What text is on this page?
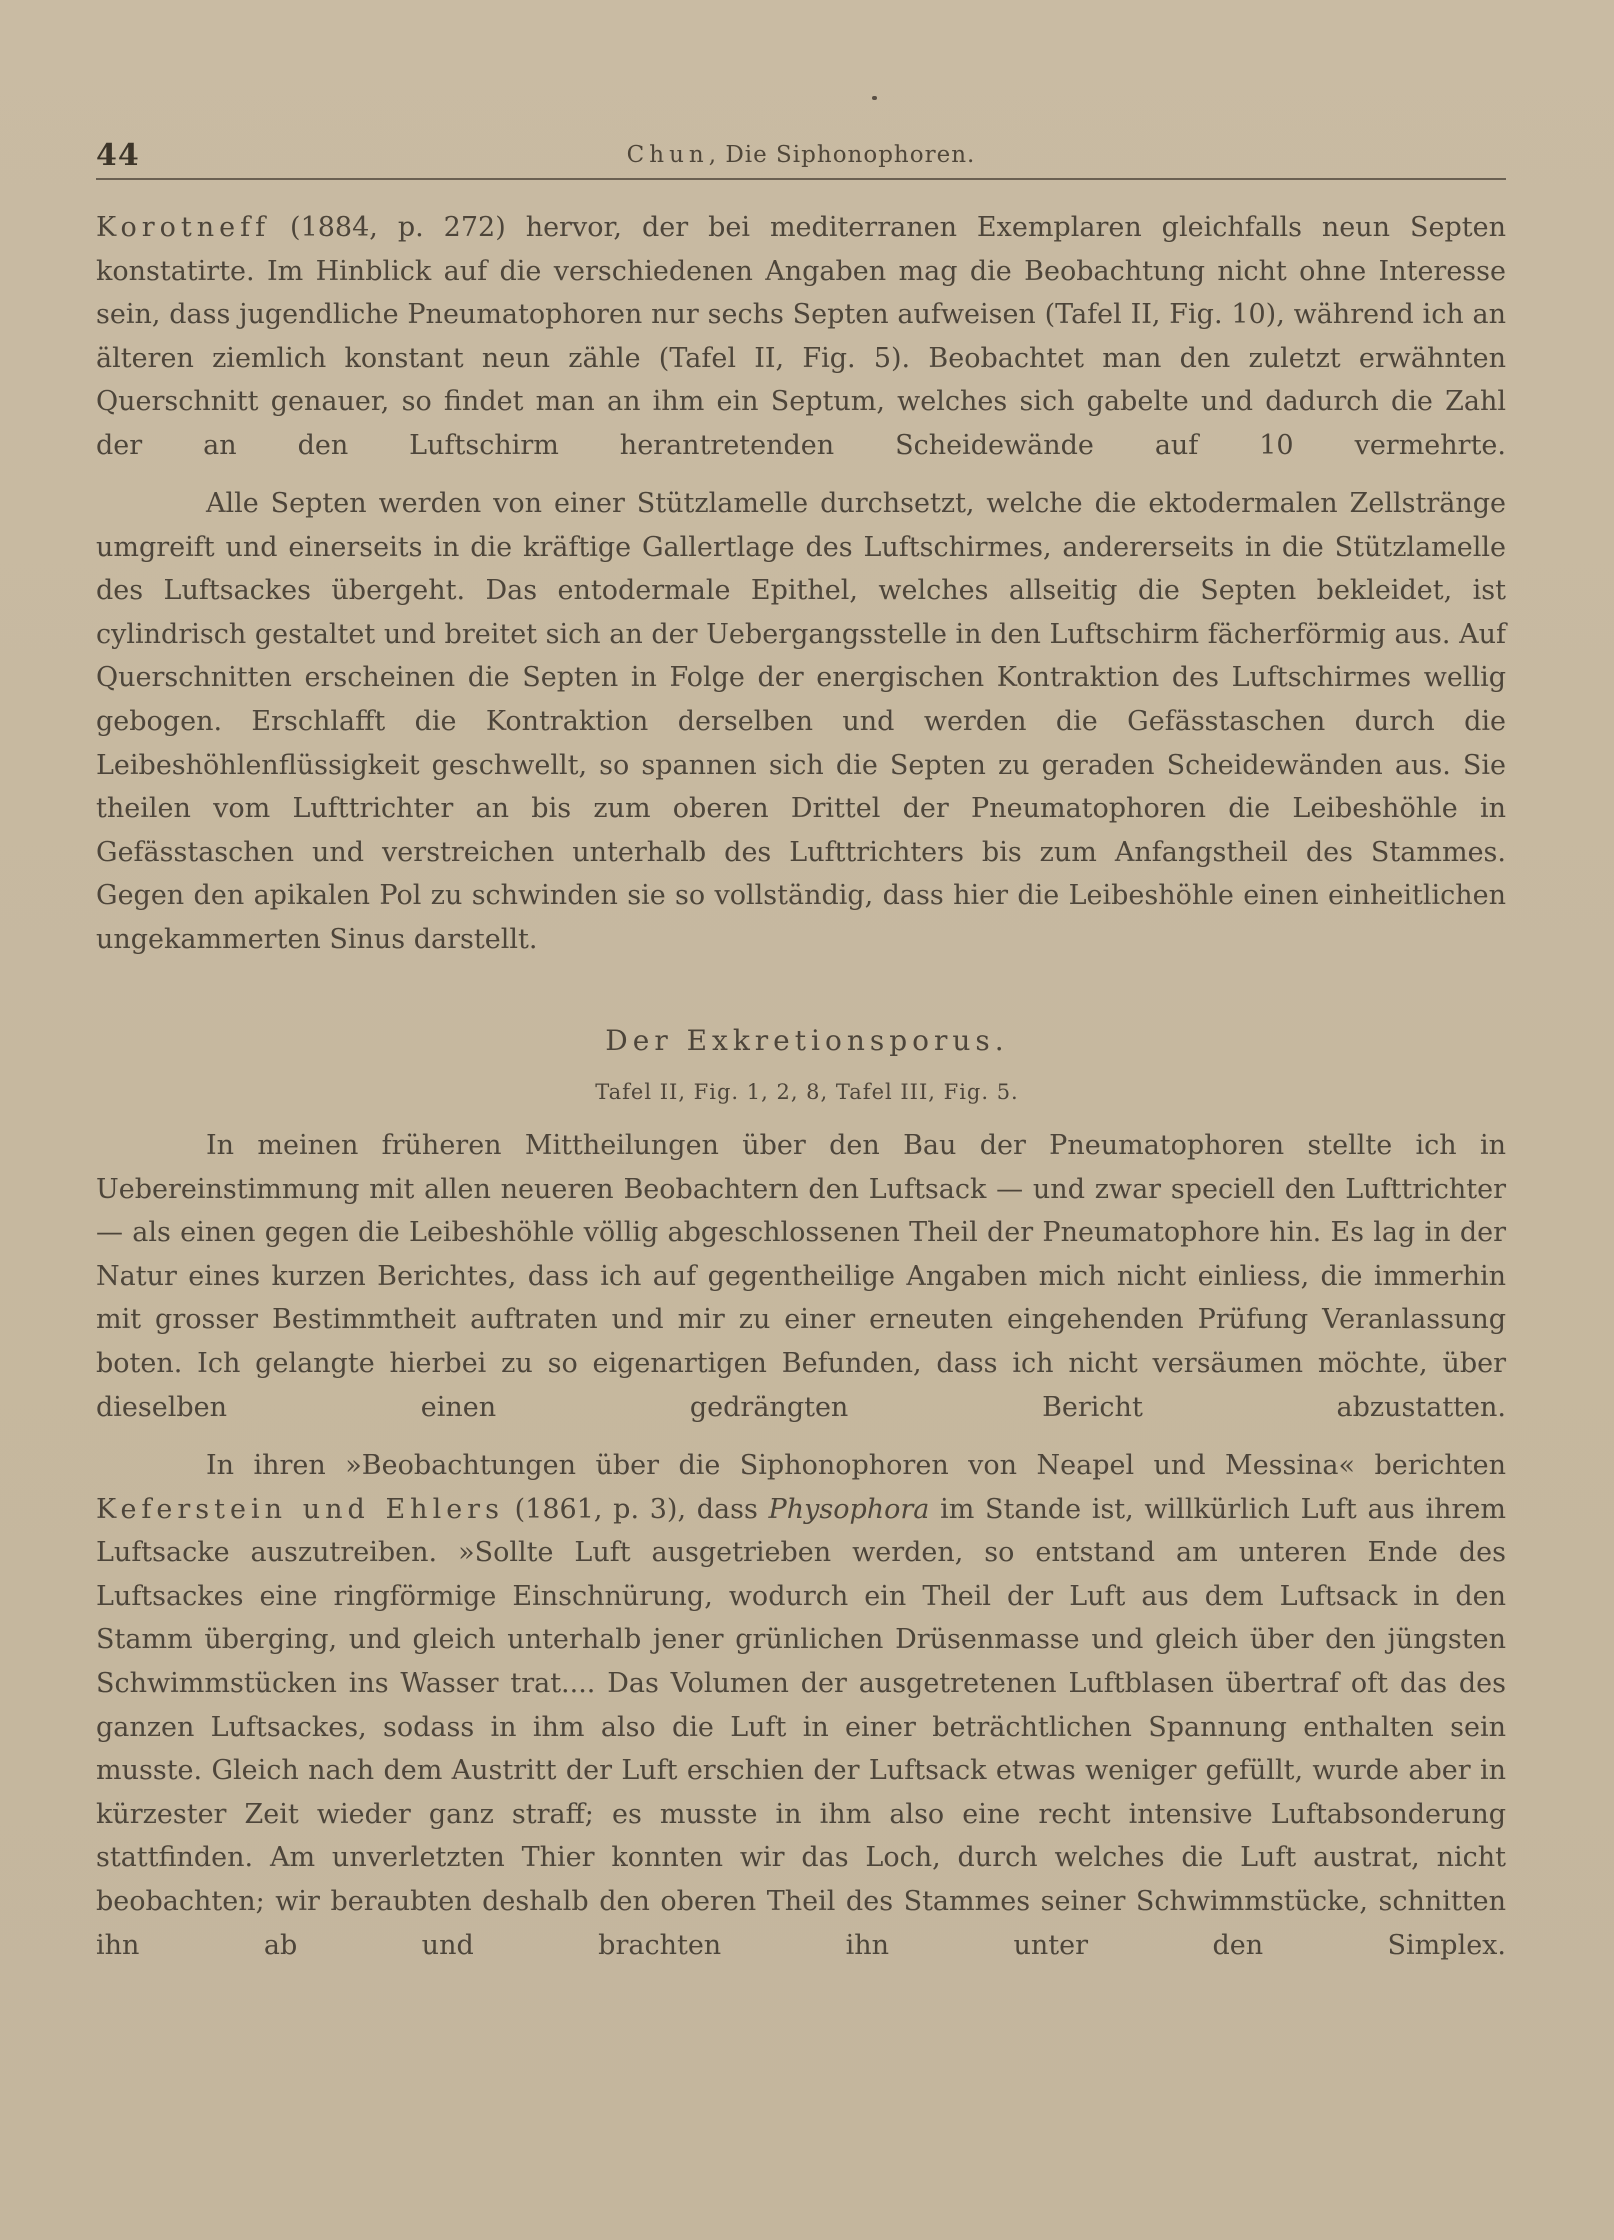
44	Chun, Die Siphonophoren.

Korotneff (1884, p. 272) hervor, der bei mediterranen Exemplaren gleichfalls neun Septen konstatirte. Im Hinblick auf die verschiedenen Angaben mag die Beobachtung nicht ohne Interesse sein, dass jugendliche Pneumatophoren nur sechs Septen aufweisen (Tafel II, Fig. 10), während ich an älteren ziemlich konstant neun zähle (Tafel II, Fig. 5). Beobachtet man den zuletzt erwähnten Querschnitt genauer, so findet man an ihm ein Septum, welches sich gabelte und dadurch die Zahl der an den Luftschirm herantretenden Scheidewände auf 10 vermehrte.

Alle Septen werden von einer Stützlamelle durchsetzt, welche die ektodermalen Zellstränge umgreift und einerseits in die kräftige Gallertlage des Luftschirmes, andererseits in die Stützlamelle des Luftsackes übergeht. Das entodermale Epithel, welches allseitig die Septen bekleidet, ist cylindrisch gestaltet und breitet sich an der Uebergangsstelle in den Luftschirm fächerförmig aus. Auf Querschnitten erscheinen die Septen in Folge der energischen Kontraktion des Luftschirmes wellig gebogen. Erschlafft die Kontraktion derselben und werden die Gefässtaschen durch die Leibeshöhlenflüssigkeit geschwellt, so spannen sich die Septen zu geraden Scheidewänden aus. Sie theilen vom Lufttrichter an bis zum oberen Drittel der Pneumatophoren die Leibeshöhle in Gefässtaschen und verstreichen unterhalb des Lufttrichters bis zum Anfangstheil des Stammes. Gegen den apikalen Pol zu schwinden sie so vollständig, dass hier die Leibeshöhle einen einheitlichen ungekammerten Sinus darstellt.

Der Exkretionsporus.
Tafel II, Fig. 1, 2, 8, Tafel III, Fig. 5.

In meinen früheren Mittheilungen über den Bau der Pneumatophoren stellte ich in Uebereinstimmung mit allen neueren Beobachtern den Luftsack — und zwar speciell den Lufttrichter — als einen gegen die Leibeshöhle völlig abgeschlossenen Theil der Pneumatophore hin. Es lag in der Natur eines kurzen Berichtes, dass ich auf gegentheilige Angaben mich nicht einliess, die immerhin mit grosser Bestimmtheit auftraten und mir zu einer erneuten eingehenden Prüfung Veranlassung boten. Ich gelangte hierbei zu so eigenartigen Befunden, dass ich nicht versäumen möchte, über dieselben einen gedrängten Bericht abzustatten.

In ihren »Beobachtungen über die Siphonophoren von Neapel und Messina« berichten Keferstein und Ehlers (1861, p. 3), dass Physophora im Stande ist, willkürlich Luft aus ihrem Luftsacke auszutreiben. »Sollte Luft ausgetrieben werden, so entstand am unteren Ende des Luftsackes eine ringförmige Einschnürung, wodurch ein Theil der Luft aus dem Luftsack in den Stamm überging, und gleich unterhalb jener grünlichen Drüsenmasse und gleich über den jüngsten Schwimmstücken ins Wasser trat.... Das Volumen der ausgetretenen Luftblasen übertraf oft das des ganzen Luftsackes, sodass in ihm also die Luft in einer beträchtlichen Spannung enthalten sein musste. Gleich nach dem Austritt der Luft erschien der Luftsack etwas weniger gefüllt, wurde aber in kürzester Zeit wieder ganz straff; es musste in ihm also eine recht intensive Luftabsonderung stattfinden. Am unverletzten Thier konnten wir das Loch, durch welches die Luft austrat, nicht beobachten; wir beraubten deshalb den oberen Theil des Stammes seiner Schwimmstücke, schnitten ihn ab und brachten ihn unter den Simplex.
